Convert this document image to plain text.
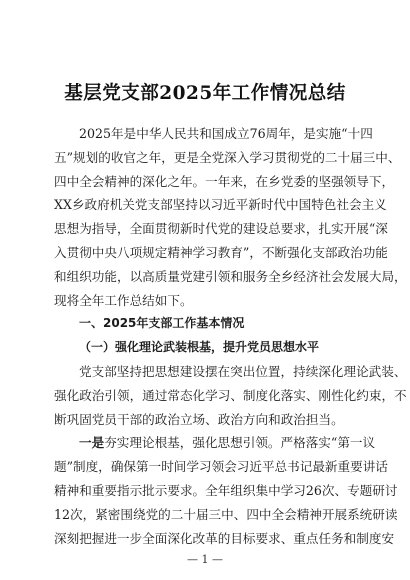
基层党支部2025年工作情况总结
2025年是中华人民共和国成立76周年，是实施“十四
五”规划的收官之年，更是全党深入学习贯彻党的二十届三中、
四中全会精神的深化之年。一年来，在乡党委的坚强领导下，
XX乡政府机关党支部坚持以习近平新时代中国特色社会主义
思想为指导，全面贯彻新时代党的建设总要求，扎实开展“深
入贯彻中央八项规定精神学习教育”，不断强化支部政治功能
和组织功能，以高质量党建引领和服务全乡经济社会发展大局，
现将全年工作总结如下。
一、2025年支部工作基本情况
（一）强化理论武装根基，提升党员思想水平
党支部坚持把思想建设摆在突出位置，持续深化理论武装、
强化政治引领，通过常态化学习、制度化落实、刚性化约束，不
断巩固党员干部的政治立场、政治方向和政治担当。
一是夯实理论根基，强化思想引领。严格落实“第一议
题”制度，确保第一时间学习领会习近平总书记最新重要讲话
精神和重要指示批示要求。全年组织集中学习26次、专题研讨
12次，紧密围绕党的二十届三中、四中全会精神开展系统研读
深刻把握进一步全面深化改革的目标要求、重点任务和制度安
— 1 —
